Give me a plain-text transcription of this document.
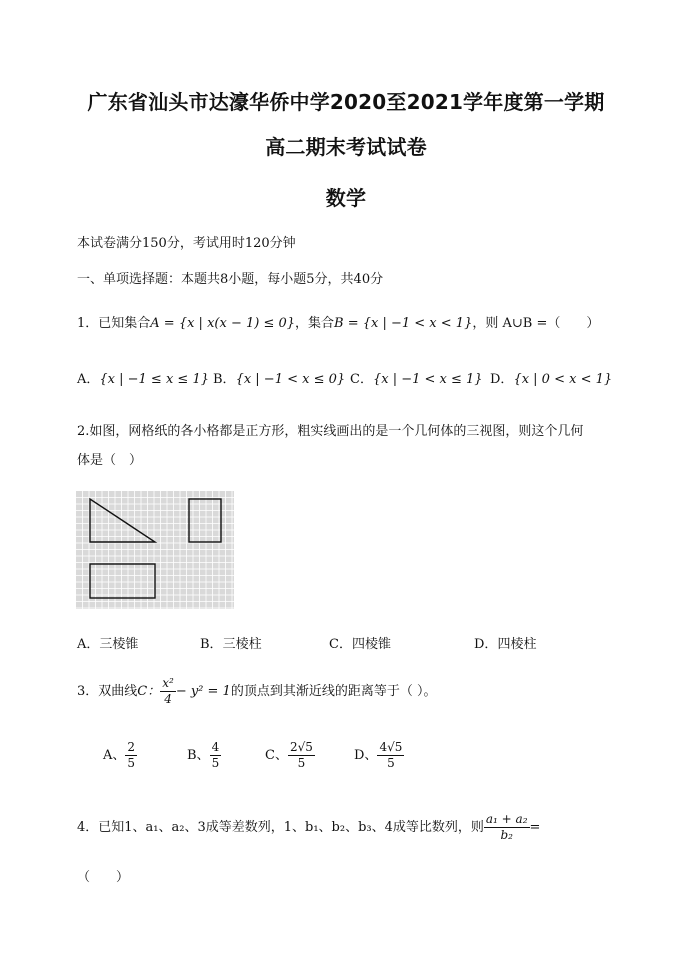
广东省汕头市达濠华侨中学2020至2021学年度第一学期
高二期末考试试卷
数学
本试卷满分150分，考试用时120分钟
一、单项选择题：本题共8小题，每小题5分，共40分
1．已知集合A = {x | x(x − 1) ≤ 0}，集合B = {x | −1 < x < 1}，则 A∪B =（　　）
A．{x | −1 ≤ x ≤ 1} B．{x | −1 < x ≤ 0} C．{x | −1 < x ≤ 1} D．{x | 0 < x < 1}
2.如图，网格纸的各小格都是正方形，粗实线画出的是一个几何体的三视图，则这个几何
体是（　）
A．三棱锥	B．三棱柱	C．四棱锥	D．四棱柱
3．双曲线C： $\frac{\text{x²}}{4} - y^2 = 1$的顶点到其渐近线的距离等于（ ）。
A、 $\frac{2}{5}$	B、 $\frac{4}{5}$	C、 $\frac{2√5}{5}$	D、 $\frac{4√5}{5}$
4．已知1、a₁、a₂、3成等差数列，1、b₁、b₂、b₃、4成等比数列，则 $\frac{\text{a₁ + a₂}}{\text{b₂}}$ =
（　　）
